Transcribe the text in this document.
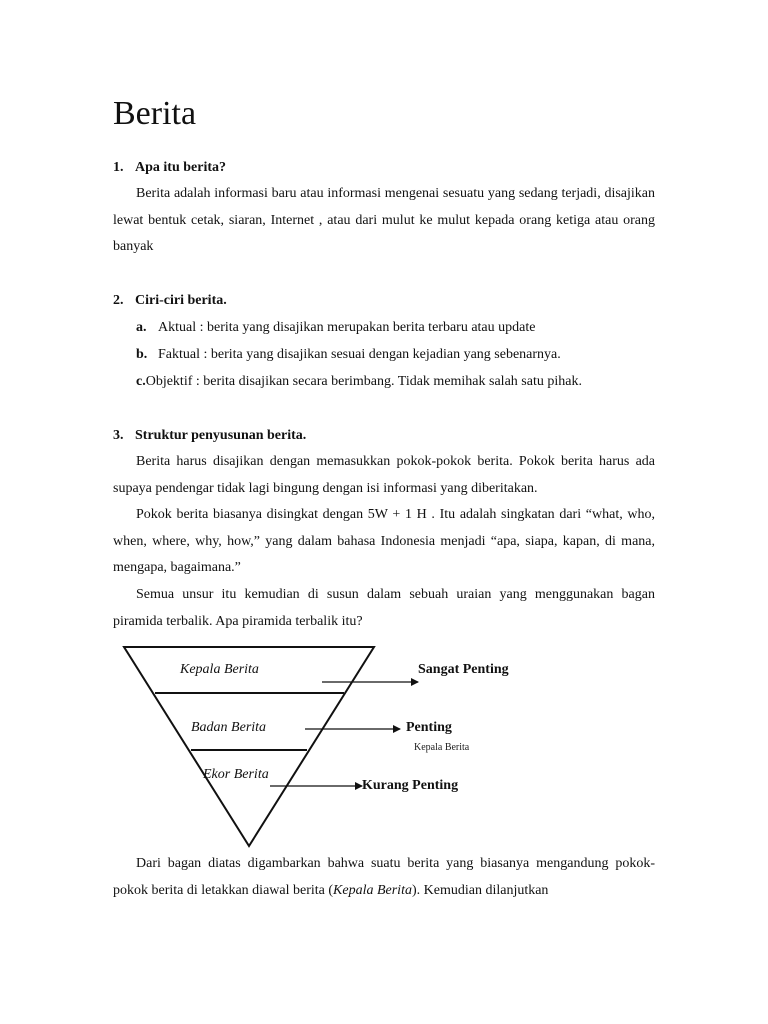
Berita
1. Apa itu berita?

Berita adalah informasi baru atau informasi mengenai sesuatu yang sedang terjadi, disajikan lewat bentuk cetak, siaran, Internet , atau dari mulut ke mulut kepada orang ketiga atau orang banyak

2. Ciri-ciri berita.
a. Aktual : berita yang disajikan merupakan berita terbaru atau update
b. Faktual : berita yang disajikan sesuai dengan kejadian yang sebenarnya.
c.Objektif : berita disajikan secara berimbang. Tidak memihak salah satu pihak.
3. Struktur penyusunan berita.

Berita harus disajikan dengan memasukkan pokok-pokok berita. Pokok berita harus ada supaya pendengar tidak lagi bingung dengan isi informasi yang diberitakan.

Pokok berita biasanya disingkat dengan 5W + 1 H . Itu adalah singkatan dari “what, who, when, where, why, how,” yang dalam bahasa Indonesia menjadi “apa, siapa, kapan, di mana, mengapa, bagaimana.”

Semua unsur itu kemudian di susun dalam sebuah uraian yang menggunakan bagan piramida terbalik. Apa piramida terbalik itu?

Kepala Berita
Badan Berita
Ekor Berita
Sangat Penting
Penting
Kepala Berita
Kurang Penting

Dari bagan diatas digambarkan bahwa suatu berita yang biasanya mengandung pokok-pokok berita di letakkan diawal berita (Kepala Berita). Kemudian dilanjutkan
